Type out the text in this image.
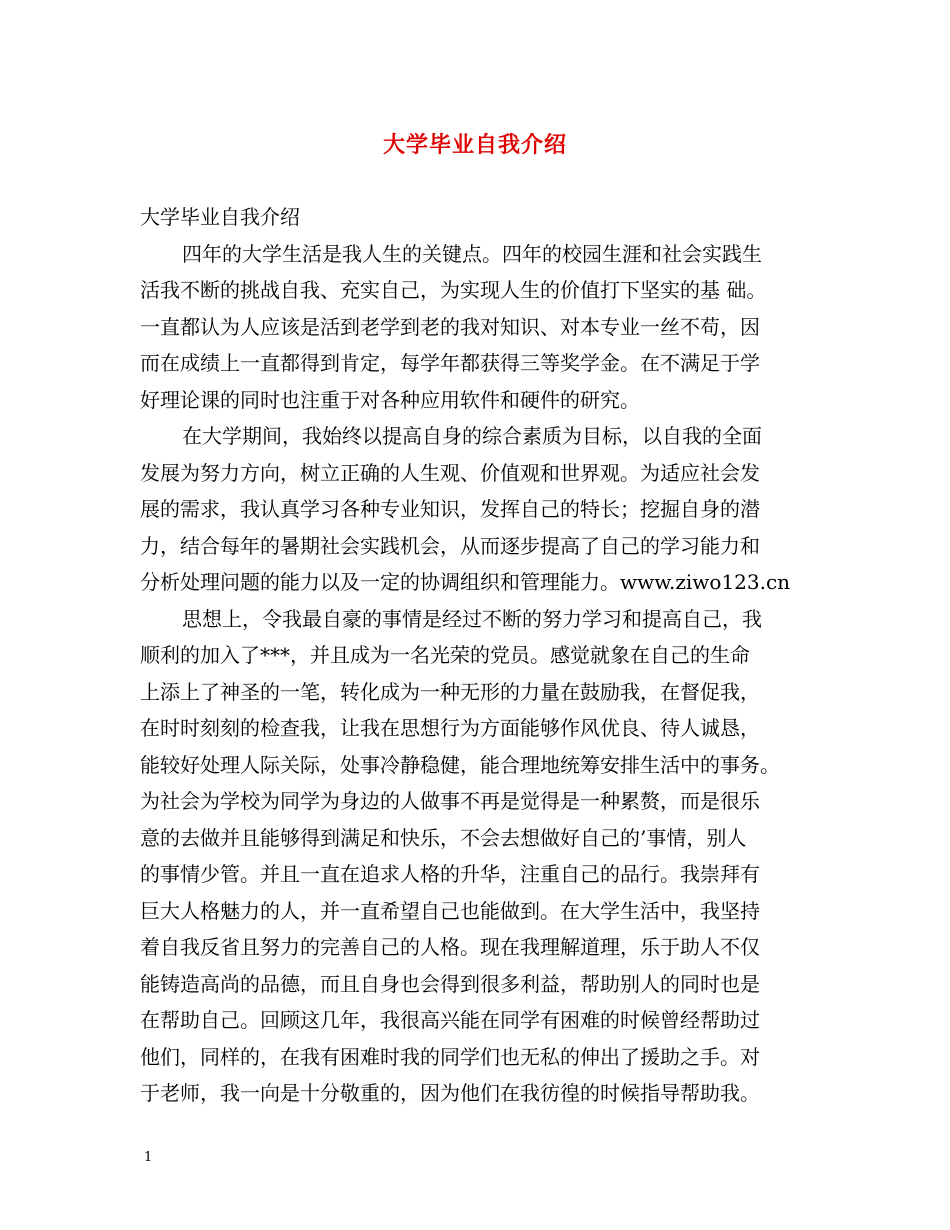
大学毕业自我介绍
大学毕业自我介绍
四年的大学生活是我人生的关键点。四年的校园生涯和社会实践生
活我不断的挑战自我、充实自己，为实现人生的价值打下坚实的基 础。
一直都认为人应该是活到老学到老的我对知识、对本专业一丝不苟，因
而在成绩上一直都得到肯定，每学年都获得三等奖学金。在不满足于学
好理论课的同时也注重于对各种应用软件和硬件的研究。
在大学期间，我始终以提高自身的综合素质为目标，以自我的全面
发展为努力方向，树立正确的人生观、价值观和世界观。为适应社会发
展的需求，我认真学习各种专业知识，发挥自己的特长；挖掘自身的潜
力，结合每年的暑期社会实践机会，从而逐步提高了自己的学习能力和
分析处理问题的能力以及一定的协调组织和管理能力。www.ziwo123.cn
思想上，令我最自豪的事情是经过不断的努力学习和提高自己，我
顺利的加入了***，并且成为一名光荣的党员。感觉就象在自己的生命
上添上了神圣的一笔，转化成为一种无形的力量在鼓励我，在督促我，
在时时刻刻的检查我，让我在思想行为方面能够作风优良、待人诚恳，
能较好处理人际关际，处事冷静稳健，能合理地统筹安排生活中的事务。
为社会为学校为同学为身边的人做事不再是觉得是一种累赘，而是很乐
意的去做并且能够得到满足和快乐，不会去想做好自己的’事情，别人
的事情少管。并且一直在追求人格的升华，注重自己的品行。我崇拜有
巨大人格魅力的人，并一直希望自己也能做到。在大学生活中，我坚持
着自我反省且努力的完善自己的人格。现在我理解道理，乐于助人不仅
能铸造高尚的品德，而且自身也会得到很多利益，帮助别人的同时也是
在帮助自己。回顾这几年，我很高兴能在同学有困难的时候曾经帮助过
他们，同样的，在我有困难时我的同学们也无私的伸出了援助之手。对
于老师，我一向是十分敬重的，因为他们在我彷徨的时候指导帮助我。
1
